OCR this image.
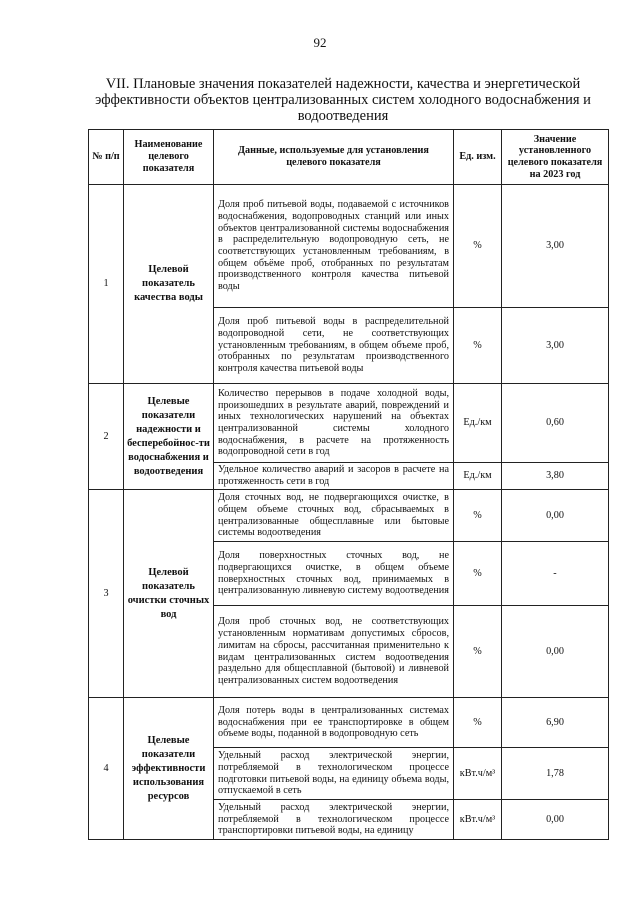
92
VII. Плановые значения показателей надежности, качества и энергетической эффективности объектов централизованных систем холодного водоснабжения и водоотведения
№ п/п	Наименование целевого показателя	Данные, используемые для установления целевого показателя	Ед. изм.	Значение установленного целевого показателя на 2023 год
1	Целевой показатель качества воды	Доля проб питьевой воды, подаваемой с источников водоснабжения, водопроводных станций или иных объектов централизованной системы водоснабжения в распределительную водопроводную сеть, не соответствующих установленным требованиям, в общем объёме проб, отобранных по результатам производственного контроля качества питьевой воды	%	3,00
		Доля проб питьевой воды в распределительной водопроводной сети, не соответствующих установленным требованиям, в общем объеме проб, отобранных по результатам производственного контроля качества питьевой воды	%	3,00
2	Целевые показатели надежности и бесперебойнос-ти водоснабжения и водоотведения	Количество перерывов в подаче холодной воды, произошедших в результате аварий, повреждений и иных технологических нарушений на объектах централизованной системы холодного водоснабжения, в расчете на протяженность водопроводной сети в год	Ед./км	0,60
		Удельное количество аварий и засоров в расчете на протяженность сети в год	Ед./км	3,80
3	Целевой показатель очистки сточных вод	Доля сточных вод, не подвергающихся очистке, в общем объеме сточных вод, сбрасываемых в централизованные общесплавные или бытовые системы водоотведения	%	0,00
		Доля поверхностных сточных вод, не подвергающихся очистке, в общем объеме поверхностных сточных вод, принимаемых в централизованную ливневую систему водоотведения	%	-
		Доля проб сточных вод, не соответствующих установленным нормативам допустимых сбросов, лимитам на сбросы, рассчитанная применительно к видам централизованных систем водоотведения раздельно для общесплавной (бытовой) и ливневой централизованных систем водоотведения	%	0,00
4	Целевые показатели эффективности использования ресурсов	Доля потерь воды в централизованных системах водоснабжения при ее транспортировке в общем объеме воды, поданной в водопроводную сеть	%	6,90
		Удельный расход электрической энергии, потребляемой в технологическом процессе подготовки питьевой воды, на единицу объема воды, отпускаемой в сеть	кВт.ч/м³	1,78
		Удельный расход электрической энергии, потребляемой в технологическом процессе транспортировки питьевой воды, на единицу	кВт.ч/м³	0,00
